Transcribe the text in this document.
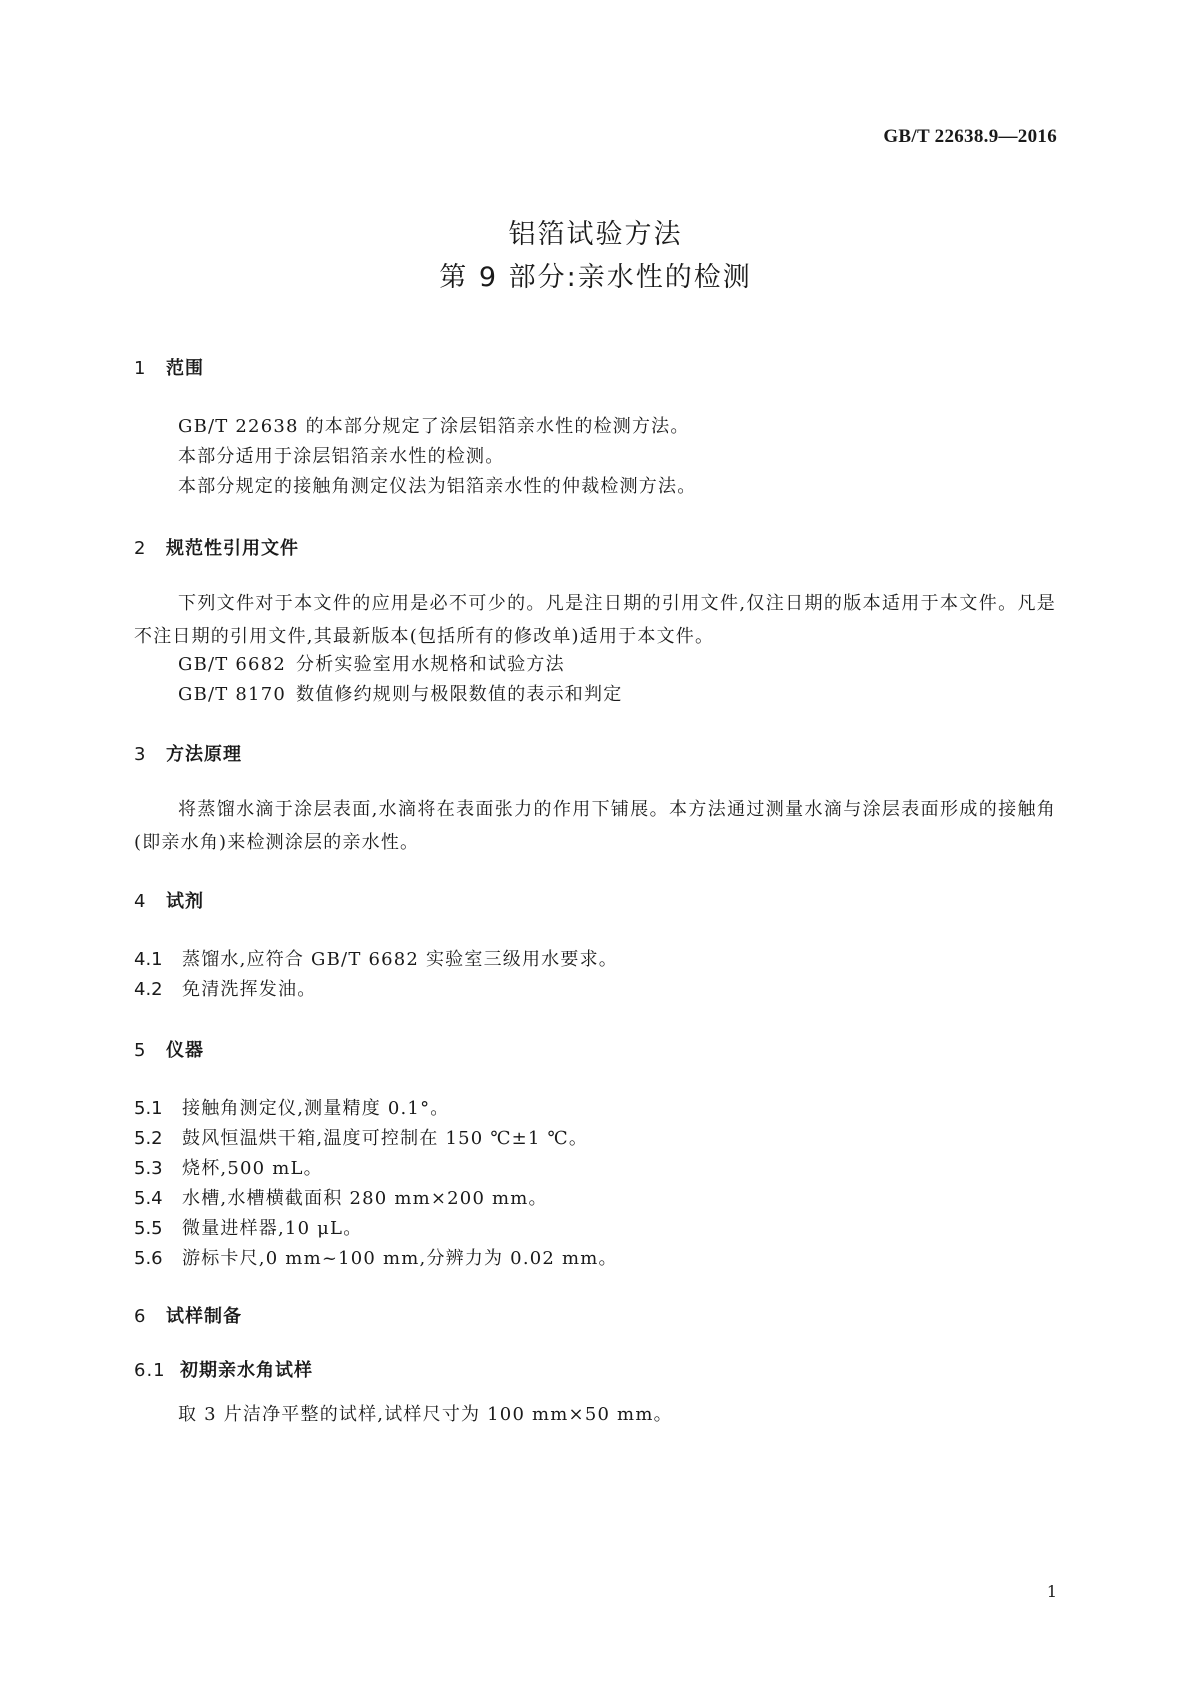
GB/T 22638.9—2016
铝箔试验方法
第 9 部分:亲水性的检测
1 范围
GB/T 22638 的本部分规定了涂层铝箔亲水性的检测方法。
本部分适用于涂层铝箔亲水性的检测。
本部分规定的接触角测定仪法为铝箔亲水性的仲裁检测方法。
2 规范性引用文件

下列文件对于本文件的应用是必不可少的。凡是注日期的引用文件,仅注日期的版本适用于本文件。凡是不注日期的引用文件,其最新版本(包括所有的修改单)适用于本文件。

GB/T 6682 分析实验室用水规格和试验方法
GB/T 8170 数值修约规则与极限数值的表示和判定
3 方法原理

将蒸馏水滴于涂层表面,水滴将在表面张力的作用下铺展。本方法通过测量水滴与涂层表面形成的接触角(即亲水角)来检测涂层的亲水性。

4 试剂
4.1 蒸馏水,应符合 GB/T 6682 实验室三级用水要求。
4.2 免清洗挥发油。
5 仪器
5.1 接触角测定仪,测量精度 0.1°。
5.2 鼓风恒温烘干箱,温度可控制在 150 ℃±1 ℃。
5.3 烧杯,500 mL。
5.4 水槽,水槽横截面积 280 mm×200 mm。
5.5 微量进样器,10 μL。
5.6 游标卡尺,0 mm~100 mm,分辨力为 0.02 mm。
6 试样制备
6.1 初期亲水角试样
取 3 片洁净平整的试样,试样尺寸为 100 mm×50 mm。
1
